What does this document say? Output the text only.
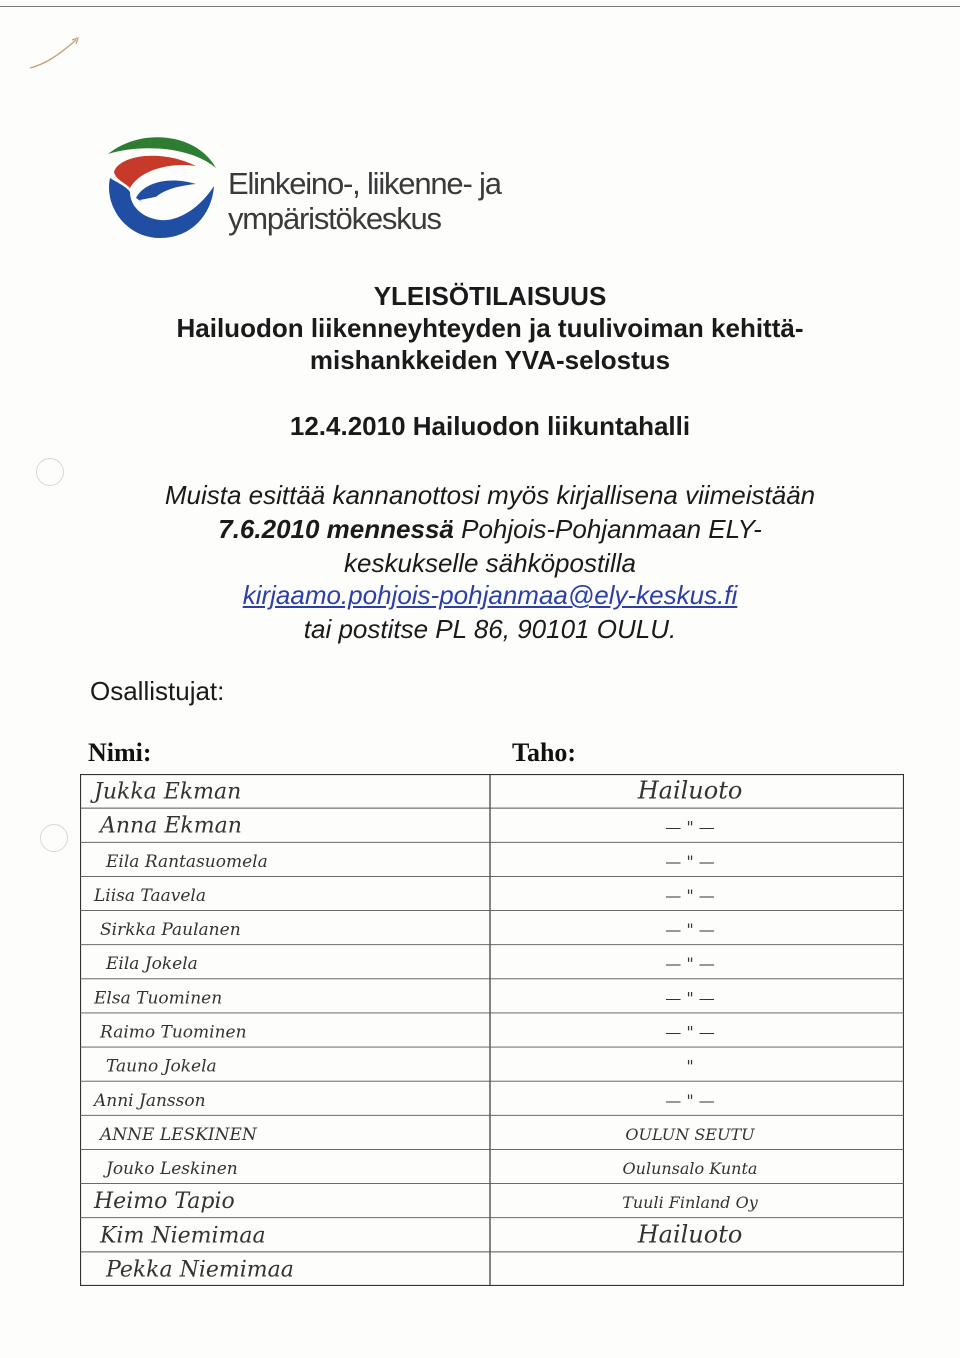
Elinkeino-, liikenne- ja
ympäristökeskus
YLEISÖTILAISUUS
Hailuodon liikenneyhteyden ja tuulivoiman kehittä-
mishankkeiden YVA-selostus
12.4.2010 Hailuodon liikuntahalli
Muista esittää kannanottosi myös kirjallisena viimeistään
7.6.2010 mennessä Pohjois-Pohjanmaan ELY-
keskukselle sähköpostilla
kirjaamo.pohjois-pohjanmaa@ely-keskus.fi
tai postitse PL 86, 90101 OULU.
Osallistujat:
Nimi:	Taho:
Jukka Ekman	Hailuoto
Anna Ekman	— " —
Eila Rantasuomela	— " —
Liisa Taavela	— " —
Sirkka Paulanen	— " —
Eila Jokela	— " —
Elsa Tuominen	— " —
Raimo Tuominen	— " —
Tauno Jokela	"
Anni Jansson	— " —
ANNE LESKINEN	OULUN SEUTU
Jouko Leskinen	Oulunsalo Kunta
Heimo Tapio	Tuuli Finland Oy
Kim Niemimaa	Hailuoto
Pekka Niemimaa
